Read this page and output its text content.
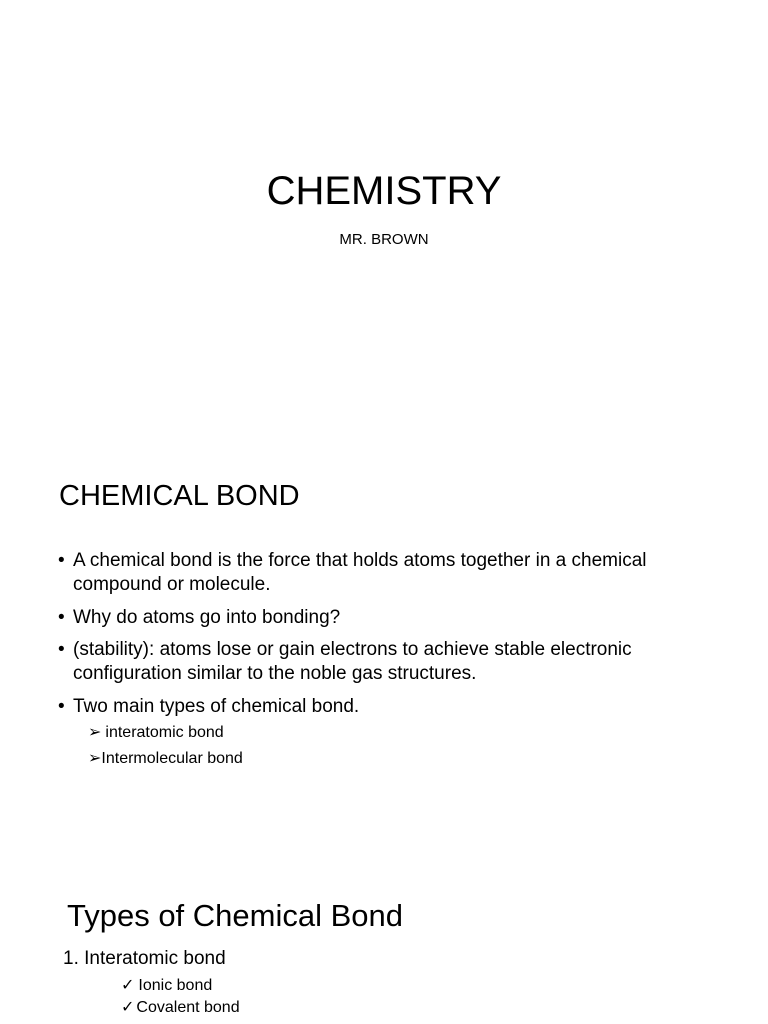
CHEMISTRY

MR. BROWN

CHEMICAL BOND
• A chemical bond is the force that holds atoms together in a chemical compound or molecule.
• Why do atoms go into bonding?
• (stability): atoms lose or gain electrons to achieve stable electronic configuration similar to the noble gas structures.
• Two main types of chemical bond.
➢ interatomic bond
➢Intermolecular bond
Types of Chemical Bond
1. Interatomic bond
✓ Ionic bond
✓ Covalent bond
